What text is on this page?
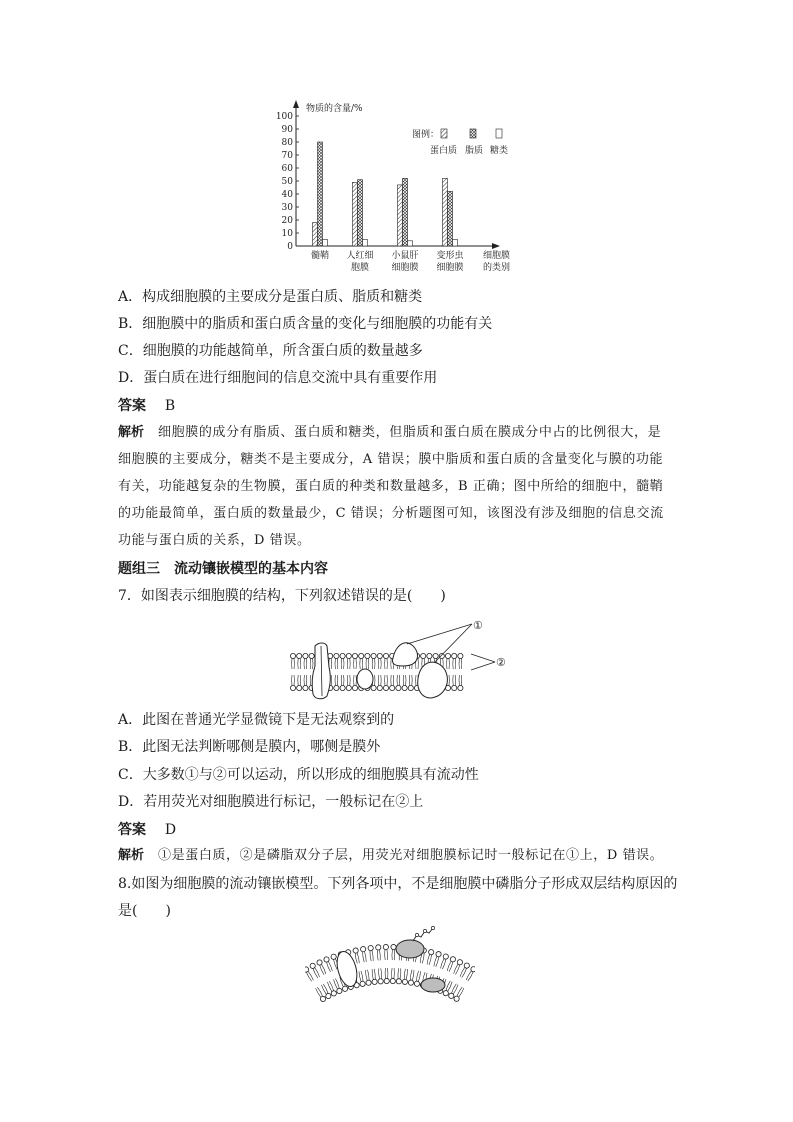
物质的含量/%
0
10
20
30
40
50
60
70
80
90
100
髓鞘 人红细
胞膜
小鼠肝
细胞膜
变形虫
细胞膜
细胞膜
的类别
图例：
蛋白质 脂质 糖类
A．构成细胞膜的主要成分是蛋白质、脂质和糖类
B．细胞膜中的脂质和蛋白质含量的变化与细胞膜的功能有关
C．细胞膜的功能越简单，所含蛋白质的数量越多
D．蛋白质在进行细胞间的信息交流中具有重要作用
答案 B
解析 细胞膜的成分有脂质、蛋白质和糖类，但脂质和蛋白质在膜成分中占的比例很大，是
细胞膜的主要成分，糖类不是主要成分，A 错误；膜中脂质和蛋白质的含量变化与膜的功能
有关，功能越复杂的生物膜，蛋白质的种类和数量越多，B 正确；图中所给的细胞中，髓鞘
的功能最简单，蛋白质的数量最少，C 错误；分析题图可知，该图没有涉及细胞的信息交流
功能与蛋白质的关系，D 错误。
题组三　流动镶嵌模型的基本内容
7．如图表示细胞膜的结构，下列叙述错误的是(　　)
①
②
A．此图在普通光学显微镜下是无法观察到的
B．此图无法判断哪侧是膜内，哪侧是膜外
C．大多数①与②可以运动，所以形成的细胞膜具有流动性
D．若用荧光对细胞膜进行标记，一般标记在②上
答案 D
解析 ①是蛋白质，②是磷脂双分子层，用荧光对细胞膜标记时一般标记在①上，D 错误。
8.如图为细胞膜的流动镶嵌模型。下列各项中，不是细胞膜中磷脂分子形成双层结构原因的
是(　　)
